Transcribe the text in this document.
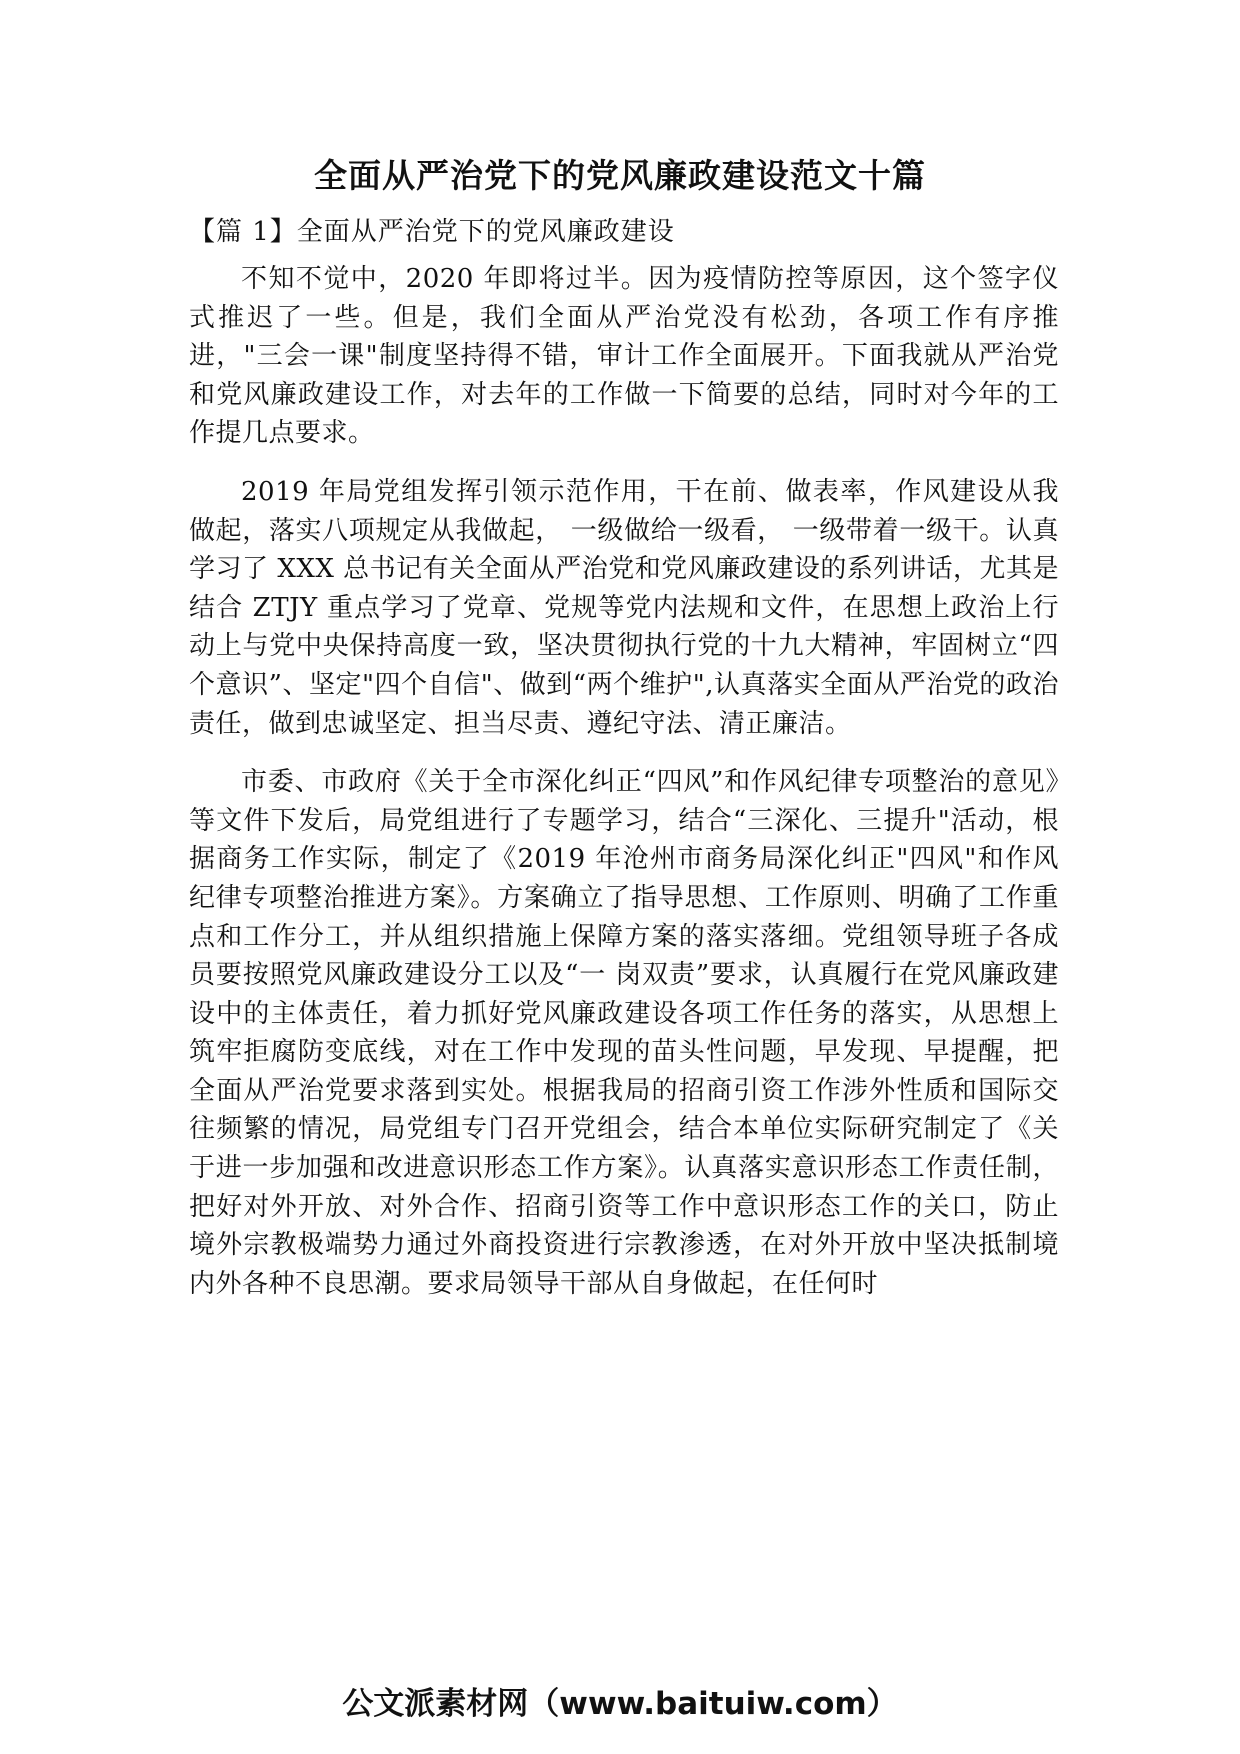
全面从严治党下的党风廉政建设范文十篇

【篇 1】全面从严治党下的党风廉政建设

不知不觉中，2020 年即将过半。因为疫情防控等原因，这个签字仪式推迟了一些。但是，我们全面从严治党没有松劲，各项工作有序推进，"三会一课"制度坚持得不错，审计工作全面展开。下面我就从严治党和党风廉政建设工作，对去年的工作做一下简要的总结，同时对今年的工作提几点要求。

2019 年局党组发挥引领示范作用，干在前、做表率，作风建设从我做起，落实八项规定从我做起， 一级做给一级看， 一级带着一级干。认真学习了 XXX 总书记有关全面从严治党和党风廉政建设的系列讲话，尤其是结合 ZTJY 重点学习了党章、党规等党内法规和文件，在思想上政治上行动上与党中央保持高度一致，坚决贯彻执行党的十九大精神，牢固树立“四个意识”、坚定"四个自信"、做到“两个维护",认真落实全面从严治党的政治责任，做到忠诚坚定、担当尽责、遵纪守法、清正廉洁。

市委、市政府《关于全市深化纠正“四风”和作风纪律专项整治的意见》等文件下发后，局党组进行了专题学习，结合“三深化、三提升"活动，根据商务工作实际，制定了《2019 年沧州市商务局深化纠正"四风"和作风纪律专项整治推进方案》。方案确立了指导思想、工作原则、明确了工作重点和工作分工，并从组织措施上保障方案的落实落细。党组领导班子各成员要按照党风廉政建设分工以及“一 岗双责”要求，认真履行在党风廉政建设中的主体责任，着力抓好党风廉政建设各项工作任务的落实，从思想上筑牢拒腐防变底线，对在工作中发现的苗头性问题，早发现、早提醒，把全面从严治党要求落到实处。根据我局的招商引资工作涉外性质和国际交往频繁的情况，局党组专门召开党组会，结合本单位实际研究制定了《关于进一步加强和改进意识形态工作方案》。认真落实意识形态工作责任制，把好对外开放、对外合作、招商引资等工作中意识形态工作的关口，防止境外宗教极端势力通过外商投资进行宗教渗透，在对外开放中坚决抵制境内外各种不良思潮。要求局领导干部从自身做起，在任何时

公文派素材网（www.baituiw.com）
